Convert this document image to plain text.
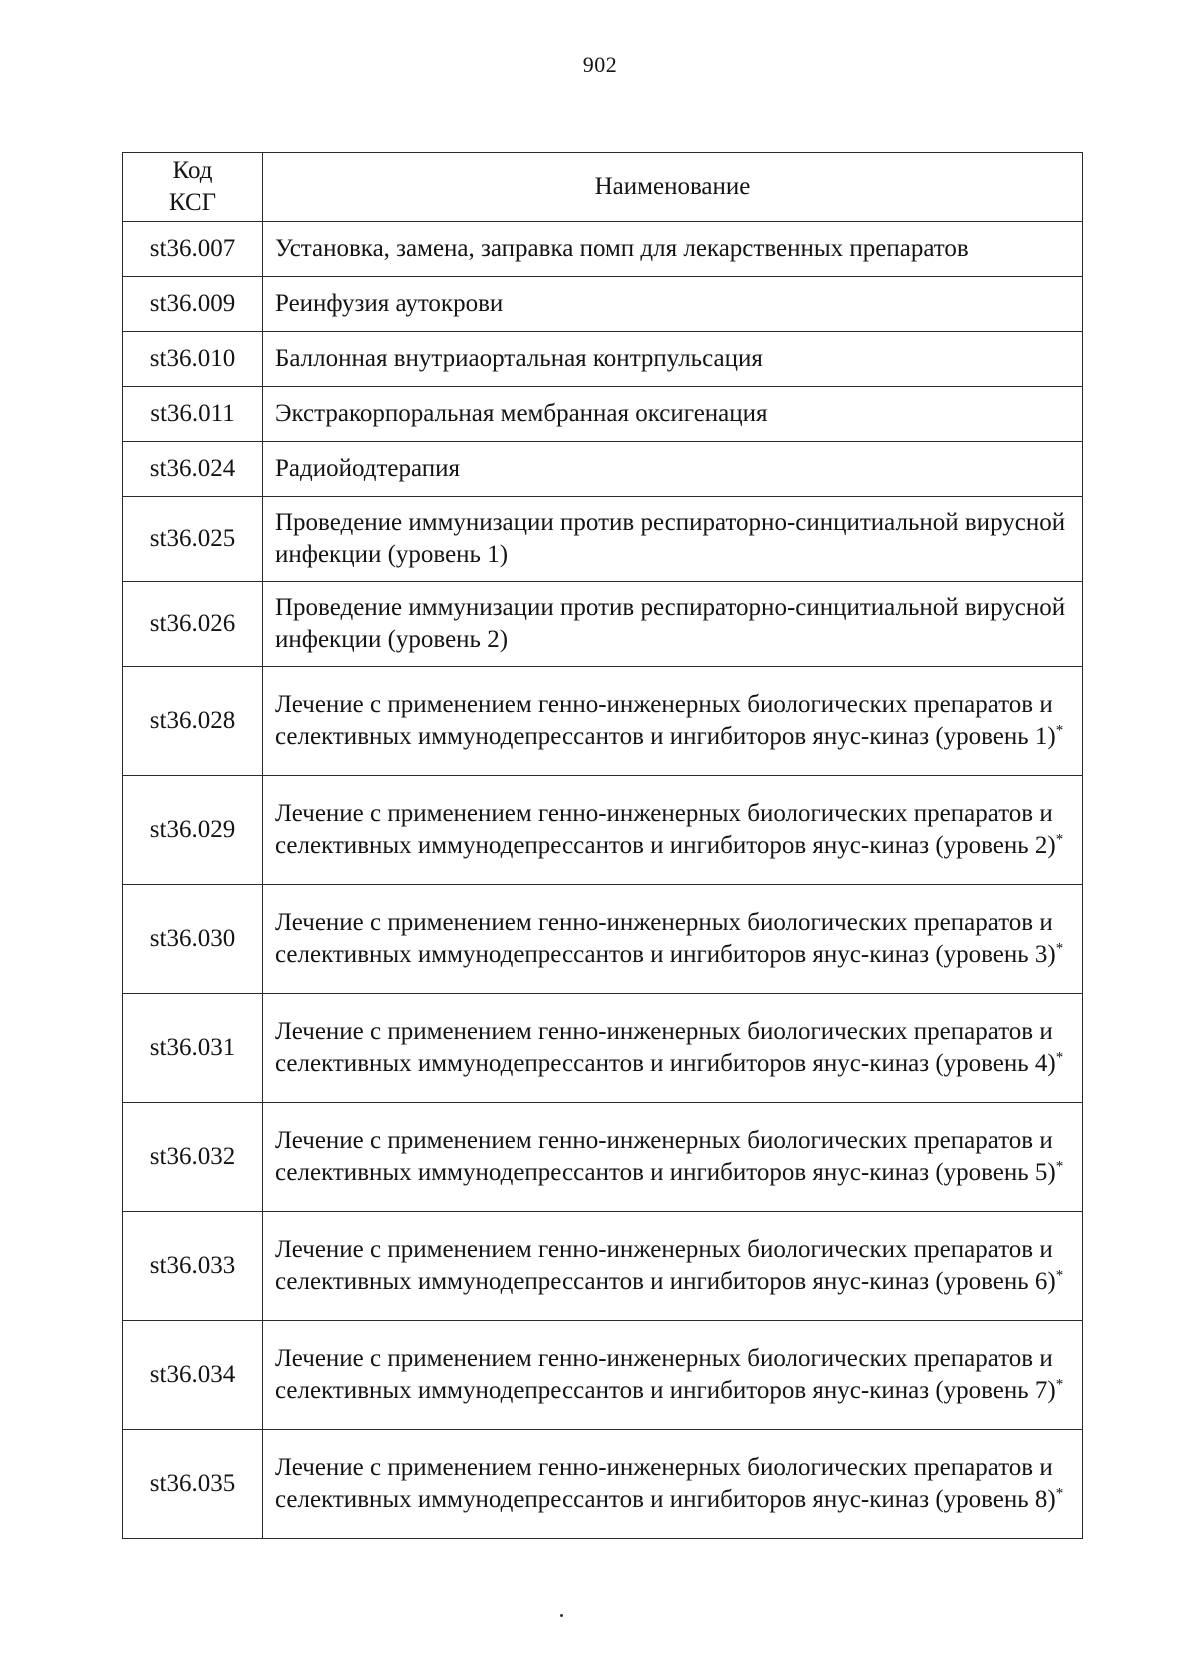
902
Код
КСГ	Наименование
st36.007	Установка, замена, заправка помп для лекарственных препаратов
st36.009	Реинфузия аутокрови
st36.010	Баллонная внутриаортальная контрпульсация
st36.011	Экстракорпоральная мембранная оксигенация
st36.024	Радиойодтерапия
st36.025	Проведение иммунизации против респираторно-синцитиальной вирусной инфекции (уровень 1)
st36.026	Проведение иммунизации против респираторно-синцитиальной вирусной инфекции (уровень 2)
st36.028	Лечение с применением генно-инженерных биологических препаратов и селективных иммунодепрессантов и ингибиторов янус-киназ (уровень 1)*
st36.029	Лечение с применением генно-инженерных биологических препаратов и селективных иммунодепрессантов и ингибиторов янус-киназ (уровень 2)*
st36.030	Лечение с применением генно-инженерных биологических препаратов и селективных иммунодепрессантов и ингибиторов янус-киназ (уровень 3)*
st36.031	Лечение с применением генно-инженерных биологических препаратов и селективных иммунодепрессантов и ингибиторов янус-киназ (уровень 4)*
st36.032	Лечение с применением генно-инженерных биологических препаратов и селективных иммунодепрессантов и ингибиторов янус-киназ (уровень 5)*
st36.033	Лечение с применением генно-инженерных биологических препаратов и селективных иммунодепрессантов и ингибиторов янус-киназ (уровень 6)*
st36.034	Лечение с применением генно-инженерных биологических препаратов и селективных иммунодепрессантов и ингибиторов янус-киназ (уровень 7)*
st36.035	Лечение с применением генно-инженерных биологических препаратов и селективных иммунодепрессантов и ингибиторов янус-киназ (уровень 8)*
